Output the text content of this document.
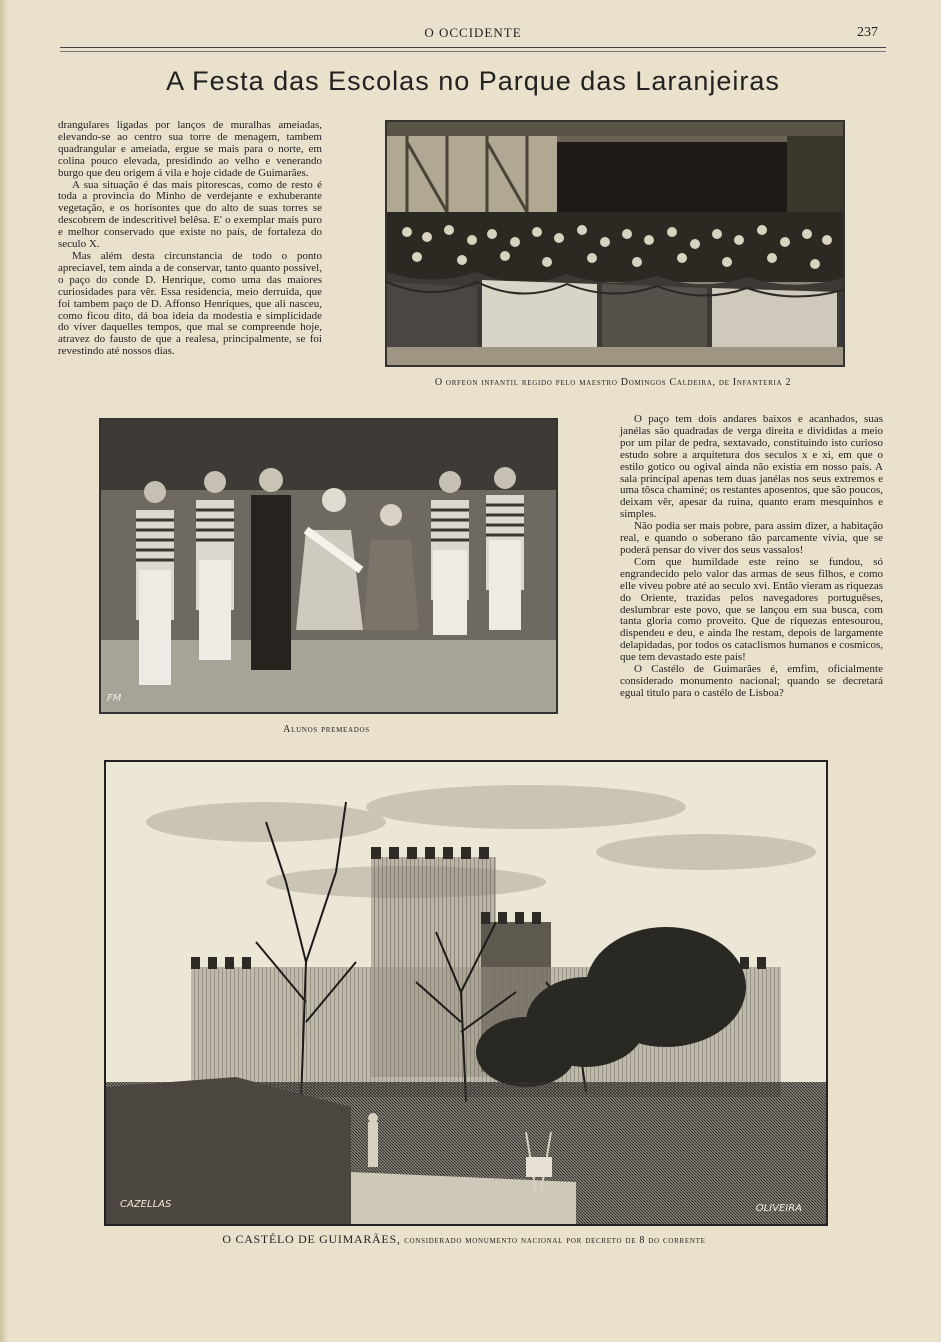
O OCCIDENTE	237
A Festa das Escolas no Parque das Laranjeiras

drangulares ligadas por lanços de muralhas ameiadas, elevando-se ao centro sua torre de menagem, tambem quadrangular e ameiada, ergue se mais para o norte, em colina pouco elevada, presidindo ao velho e venerando burgo que deu origem á vila e hoje cidade de Guimarães.

A sua situação é das mais pitorescas, como de resto é toda a provincia do Minho de verdejante e exhuberante vegetação, e os horisontes que do alto de suas torres se descobrem de indescritivel belêsa. E' o exemplar mais puro e melhor conservado que existe no país, de fortaleza do seculo X.

Mas além desta circunstancia de todo o ponto apreciavel, tem ainda a de conservar, tanto quanto possivel, o paço do conde D. Henrique, como uma das maiores curiosidades para vêr. Essa residencia, meio derruida, que foi tambem paço de D. Affonso Henriques, que ali nasceu, como ficou dito, dá boa ideia da modestia e simplicidade do viver daquelles tempos, que mal se compreende hoje, atravez do fausto de que a realesa, principalmente, se foi revestindo até nossos dias.

O orfeon infantil regido pelo maestro Domingos Caldeira, de Infanteria 2
FM
Alunos premeados

O paço tem dois andares baixos e acanhados, suas janélas são quadradas de verga direita e divididas a meio por um pilar de pedra, sextavado, constituindo isto curioso estudo sobre a arquitetura dos seculos x e xi, em que o estilo gotico ou ogival ainda não existia em nosso país. A sala principal apenas tem duas janélas nos seus extremos e uma tôsca chaminé; os restantes aposentos, que são poucos, deixam vêr, apesar da ruina, quanto eram mesquinhos e simples.

Não podia ser mais pobre, para assim dizer, a habitação real, e quando o soberano tão parcamente vivia, que se poderá pensar do viver dos seus vassalos!

Com que humildade este reino se fundou, só engrandecido pelo valor das armas de seus filhos, e como elle viveu pobre até ao seculo xvi. Então vieram as riquezas do Oriente, trazidas pelos navegadores portuguêses, deslumbrar este povo, que se lançou em sua busca, com tanta gloria como proveito. Que de riquezas entesourou, dispendeu e deu, e ainda lhe restam, depois de largamente delapidadas, por todos os cataclismos humanos e cosmicos, que tem devastado este país!

O Castélo de Guimarães é, emfim, oficialmente considerado monumento nacional; quando se decretará egual titulo para o castélo de Lisboa?

CAZELLAS	OLIVEIRA
O CASTÉLO DE GUIMARÃES, considerado monumento nacional por decreto de 8 do corrente
